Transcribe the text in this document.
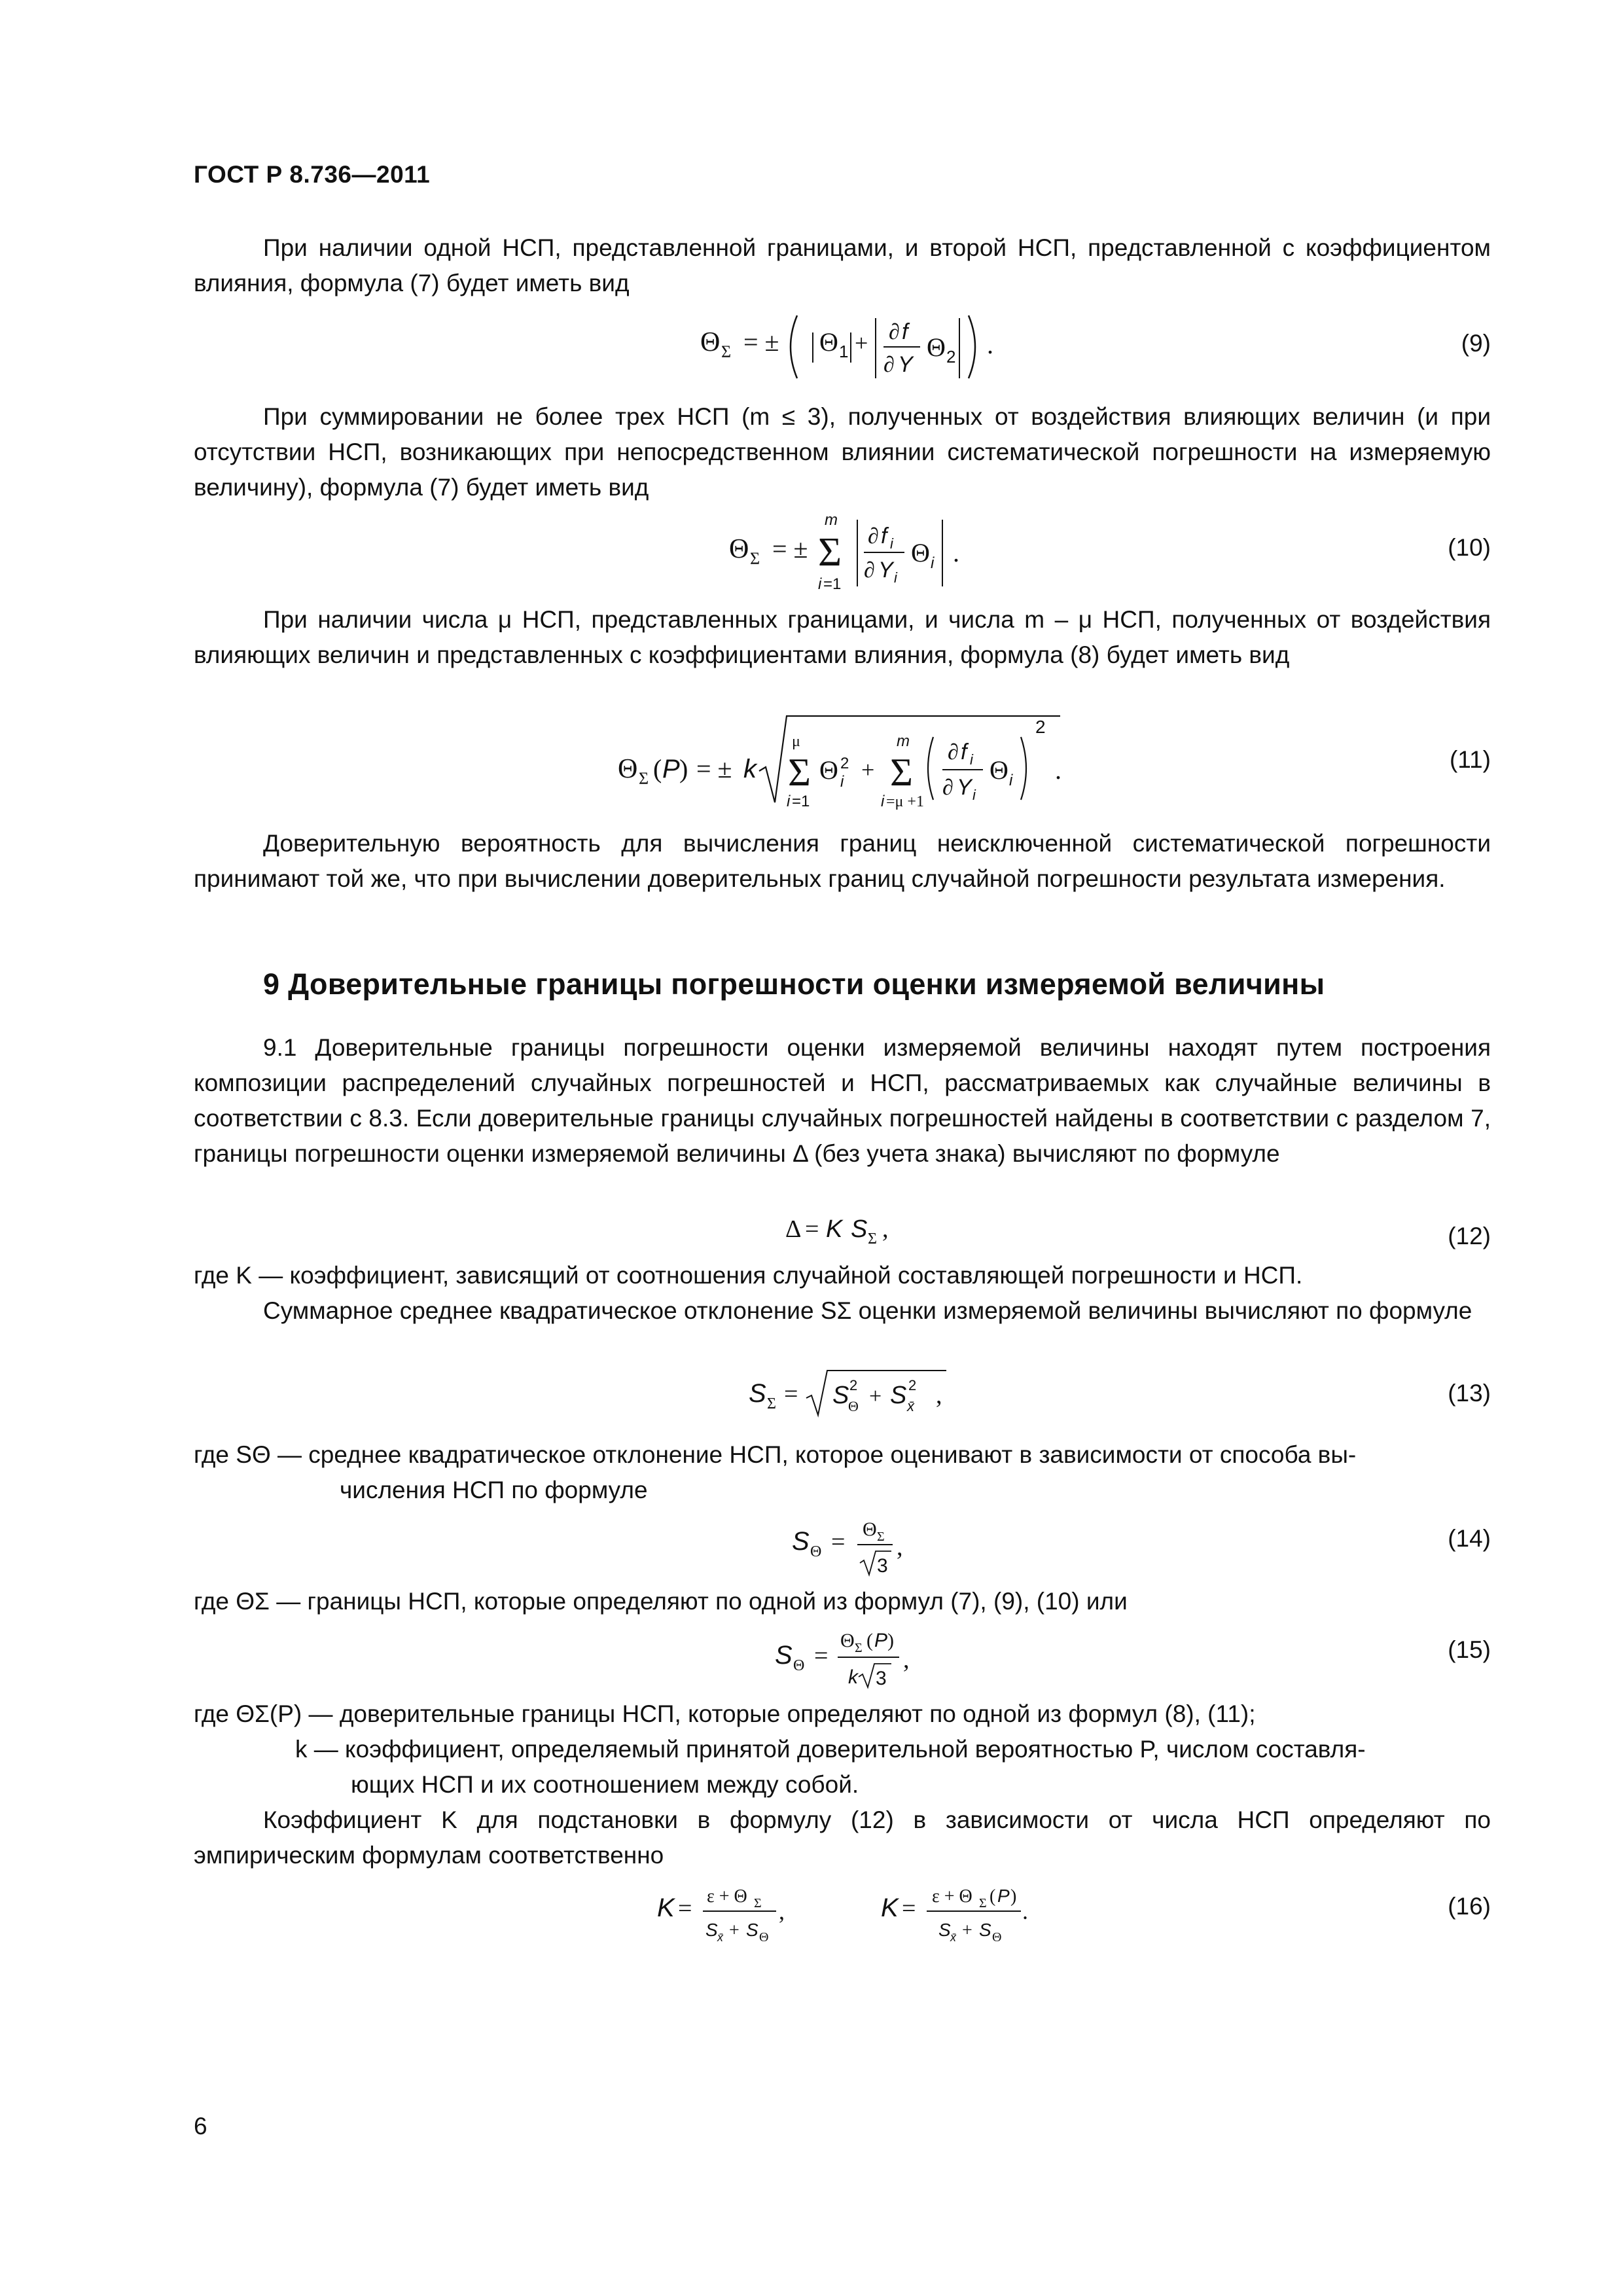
ГОСТ Р 8.736—2011
При наличии одной НСП, представленной границами, и второй НСП, представленной с коэффициентом влияния, формула (7) будет иметь вид
Θ Σ = ± Θ 1 + ∂ f
∂ Y
Θ 2 .	(9)
При суммировании не более трех НСП (m ≤ 3), полученных от воздействия влияющих величин (и при отсутствии НСП, возникающих при непосредственном влиянии систематической погрешности на измеряемую величину), формула (7) будет иметь вид
Θ Σ = ±
m
Σ
i =1
∂ f i
∂ Y i
Θ i .	(10)
При наличии числа μ НСП, представленных границами, и числа m – μ НСП, полученных от воздействия влияющих величин и представленных с коэффициентами влияния, формула (8) будет иметь вид
Θ Σ ( P ) = ± k
μ
Σ
i =1
Θ 2
i +
m
Σ
i =μ +1
∂ f i
∂ Y i
Θ i
2
.	(11)
Доверительную вероятность для вычисления границ неисключенной систематической погрешности принимают той же, что при вычислении доверительных границ случайной погрешности результата измерения.
9 Доверительные границы погрешности оценки измеряемой величины
9.1 Доверительные границы погрешности оценки измеряемой величины находят путем построения композиции распределений случайных погрешностей и НСП, рассматриваемых как случайные величины в соответствии с 8.3. Если доверительные границы случайных погрешностей найдены в соответствии с разделом 7, границы погрешности оценки измеряемой величины Δ (без учета знака) вычисляют по формуле
Δ = K S Σ ,	(12)
где K — коэффициент, зависящий от соотношения случайной составляющей погрешности и НСП.
Суммарное среднее квадратическое отклонение SΣ оценки измеряемой величины вычисляют по формуле
S Σ = S 2
Θ + S 2
x̄ ,	(13)
где SΘ — среднее квадратическое отклонение НСП, которое оценивают в зависимости от способа вы-
числения НСП по формуле
S Θ = Θ Σ
3
,	(14)
где ΘΣ — границы НСП, которые определяют по одной из формул (7), (9), (10) или
S Θ =
Θ Σ ( P )
k 3
,	(15)
где ΘΣ(P) — доверительные границы НСП, которые определяют по одной из формул (8), (11);
k — коэффициент, определяемый принятой доверительной вероятностью P, числом составля-
ющих НСП и их соотношением между собой.
Коэффициент K для подстановки в формулу (12) в зависимости от числа НСП определяют по эмпирическим формулам соответственно
K = ε + Θ Σ
S x̄ + S Θ
,	K = ε + Θ Σ ( P )
S x̄ + S Θ
.	(16)
6
